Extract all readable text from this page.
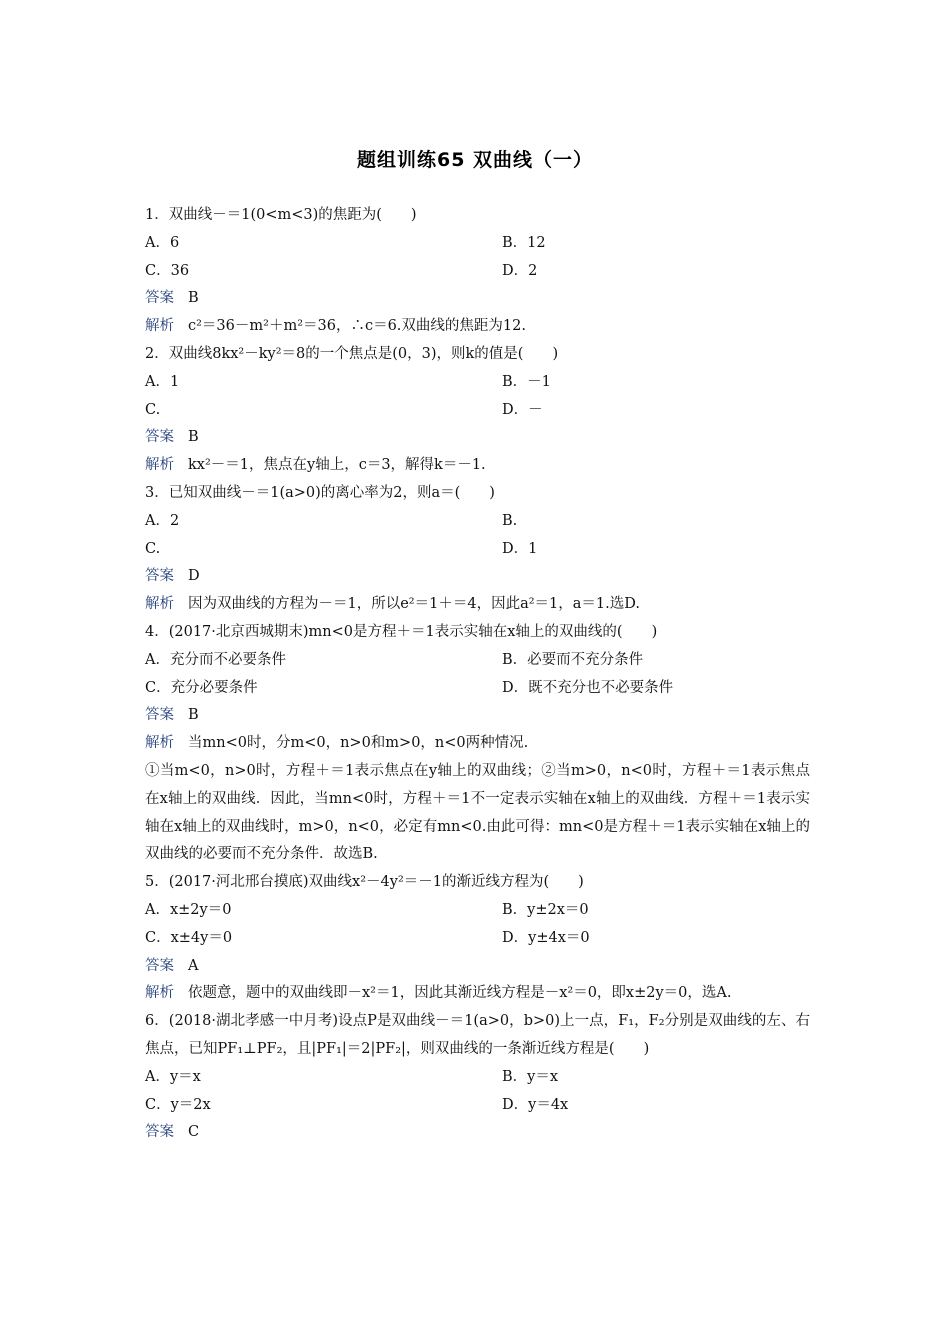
题组训练65 双曲线（一）
1．双曲线－＝1(0<m<3)的焦距为(　　)
A．6	B．12
C．36	D．2
答案 B
解析 c²＝36－m²＋m²＝36，∴c＝6.双曲线的焦距为12.
2．双曲线8kx²－ky²＝8的一个焦点是(0，3)，则k的值是(　　)
A．1	B．－1
C.	D．－
答案 B
解析 kx²－＝1，焦点在y轴上，c＝3，解得k＝－1.
3．已知双曲线－＝1(a>0)的离心率为2，则a＝(　　)
A．2	B.
C.	D．1
答案 D
解析 因为双曲线的方程为－＝1，所以e²＝1＋＝4，因此a²＝1，a＝1.选D.
4．(2017·北京西城期末)mn<0是方程＋＝1表示实轴在x轴上的双曲线的(　　)
A．充分而不必要条件	B．必要而不充分条件
C．充分必要条件	D．既不充分也不必要条件
答案 B
解析 当mn<0时，分m<0，n>0和m>0，n<0两种情况.
①当m<0，n>0时，方程＋＝1表示焦点在y轴上的双曲线；②当m>0，n<0时，方程＋＝1表示焦点在x轴上的双曲线．因此，当mn<0时，方程＋＝1不一定表示实轴在x轴上的双曲线．方程＋＝1表示实轴在x轴上的双曲线时，m>0，n<0，必定有mn<0.由此可得：mn<0是方程＋＝1表示实轴在x轴上的双曲线的必要而不充分条件．故选B.
5．(2017·河北邢台摸底)双曲线x²－4y²＝－1的渐近线方程为(　　)
A．x±2y＝0	B．y±2x＝0
C．x±4y＝0	D．y±4x＝0
答案 A
解析 依题意，题中的双曲线即－x²＝1，因此其渐近线方程是－x²＝0，即x±2y＝0，选A.
6．(2018·湖北孝感一中月考)设点P是双曲线－＝1(a>0，b>0)上一点，F₁，F₂分别是双曲线的左、右焦点，已知PF₁⊥PF₂，且|PF₁|＝2|PF₂|，则双曲线的一条渐近线方程是(　　)
A．y＝x	B．y＝x
C．y＝2x	D．y＝4x
答案 C
